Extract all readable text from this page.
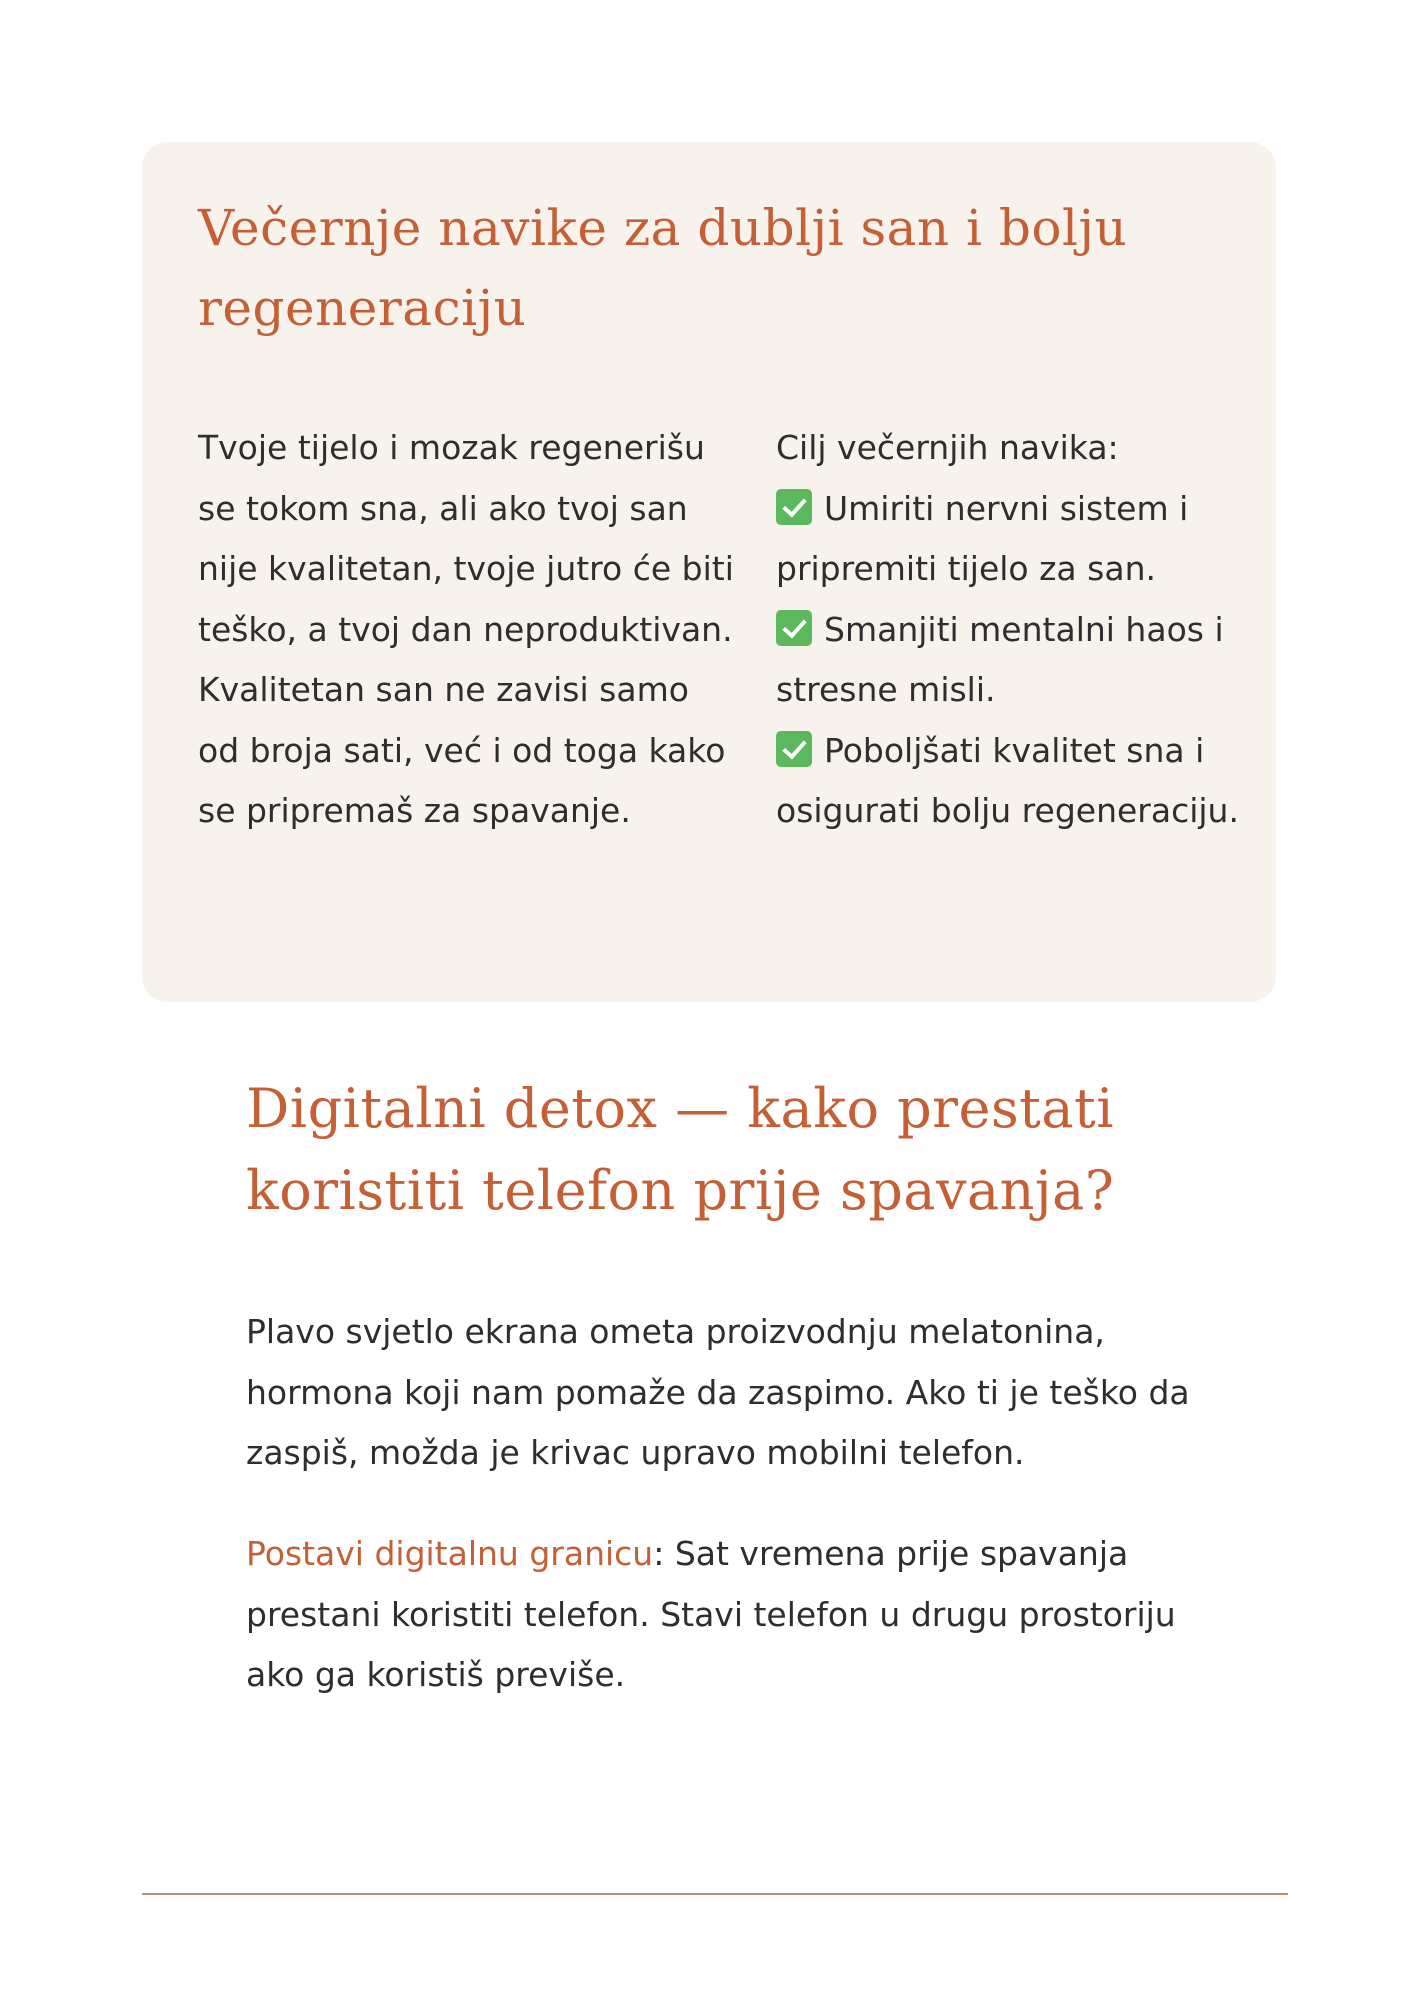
Večernje navike za dublji san i bolju regeneraciju

Tvoje tijelo i mozak regenerišu se tokom sna, ali ako tvoj san nije kvalitetan, tvoje jutro će biti teško, a tvoj dan neproduktivan. Kvalitetan san ne zavisi samo od broja sati, već i od toga kako se pripremaš za spavanje.

Cilj večernjih navika:

Umiriti nervni sistem i pripremiti tijelo za san.

Smanjiti mentalni haos i stresne misli.

Poboljšati kvalitet sna i osigurati bolju regeneraciju.

Digitalni detox — kako prestati koristiti telefon prije spavanja?

Plavo svjetlo ekrana ometa proizvodnju melatonina, hormona koji nam pomaže da zaspimo. Ako ti je teško da zaspiš, možda je krivac upravo mobilni telefon.

Postavi digitalnu granicu: Sat vremena prije spavanja prestani koristiti telefon. Stavi telefon u drugu prostoriju ako ga koristiš previše.
